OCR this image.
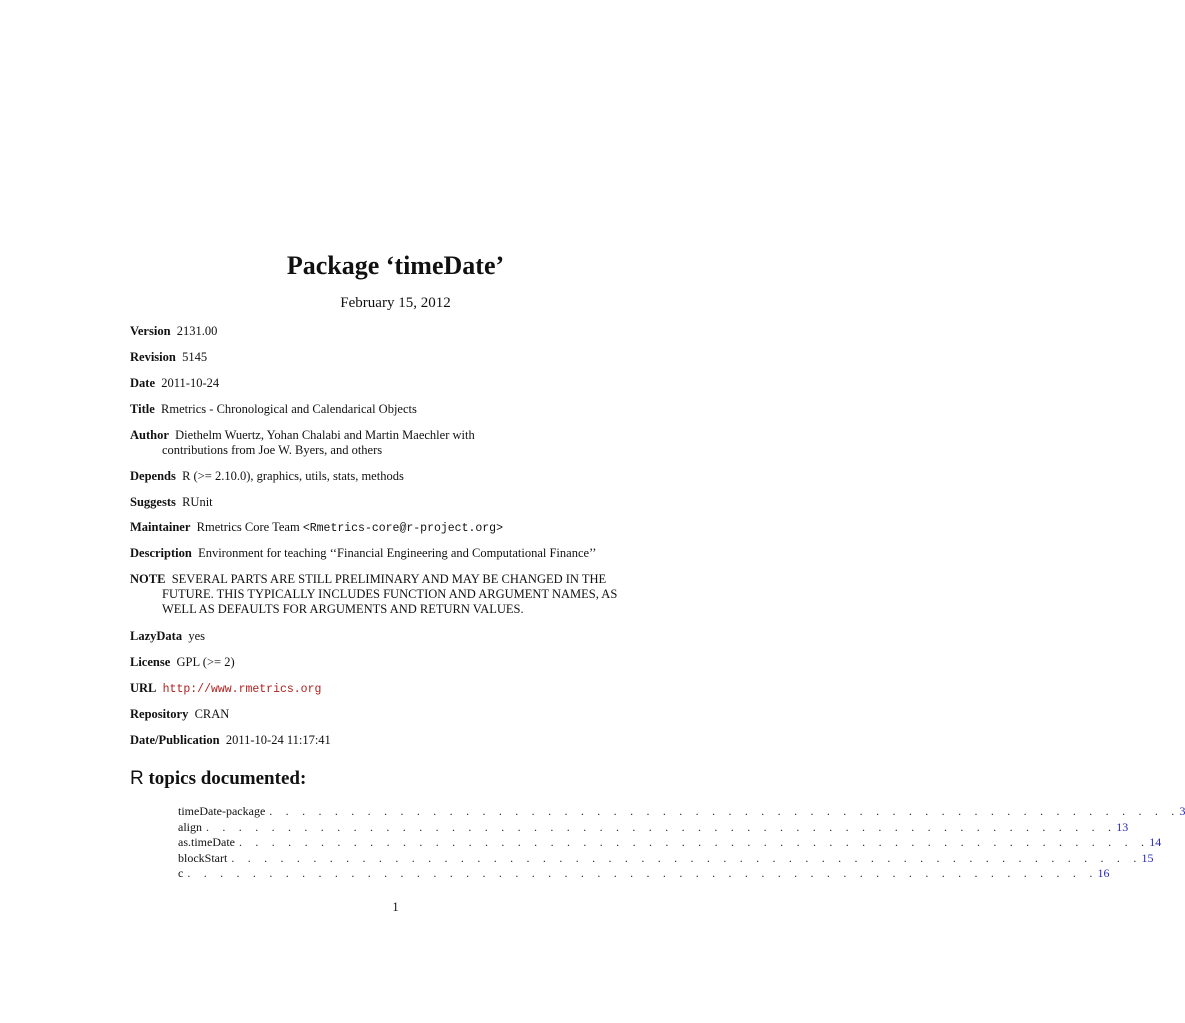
Package ‘timeDate’
February 15, 2012
Version 2131.00
Revision 5145
Date 2011-10-24
Title Rmetrics - Chronological and Calendarical Objects
Author Diethelm Wuertz, Yohan Chalabi and Martin Maechler with
contributions from Joe W. Byers, and others
Depends R (>= 2.10.0), graphics, utils, stats, methods
Suggests RUnit
Maintainer Rmetrics Core Team <Rmetrics-core@r-project.org>
Description Environment for teaching ‘‘Financial Engineering and Computational Finance’’
NOTE SEVERAL PARTS ARE STILL PRELIMINARY AND MAY BE CHANGED IN THE
FUTURE. THIS TYPICALLY INCLUDES FUNCTION AND ARGUMENT NAMES, AS
WELL AS DEFAULTS FOR ARGUMENTS AND RETURN VALUES.
LazyData yes
License GPL (>= 2)
URL http://www.rmetrics.org
Repository CRAN
Date/Publication 2011-10-24 11:17:41
R topics documented:
timeDate-package . . . . . . . . . . . . . . . . . . . . . . . . . . . . . . . . . . . . . . . . . . . . . . . . . . . . . . . . 3
align . . . . . . . . . . . . . . . . . . . . . . . . . . . . . . . . . . . . . . . . . . . . . . . . . . . . . . . . 13
as.timeDate . . . . . . . . . . . . . . . . . . . . . . . . . . . . . . . . . . . . . . . . . . . . . . . . . . . . . . . . 14
blockStart . . . . . . . . . . . . . . . . . . . . . . . . . . . . . . . . . . . . . . . . . . . . . . . . . . . . . . . . 15
c . . . . . . . . . . . . . . . . . . . . . . . . . . . . . . . . . . . . . . . . . . . . . . . . . . . . . . . . 16
1
